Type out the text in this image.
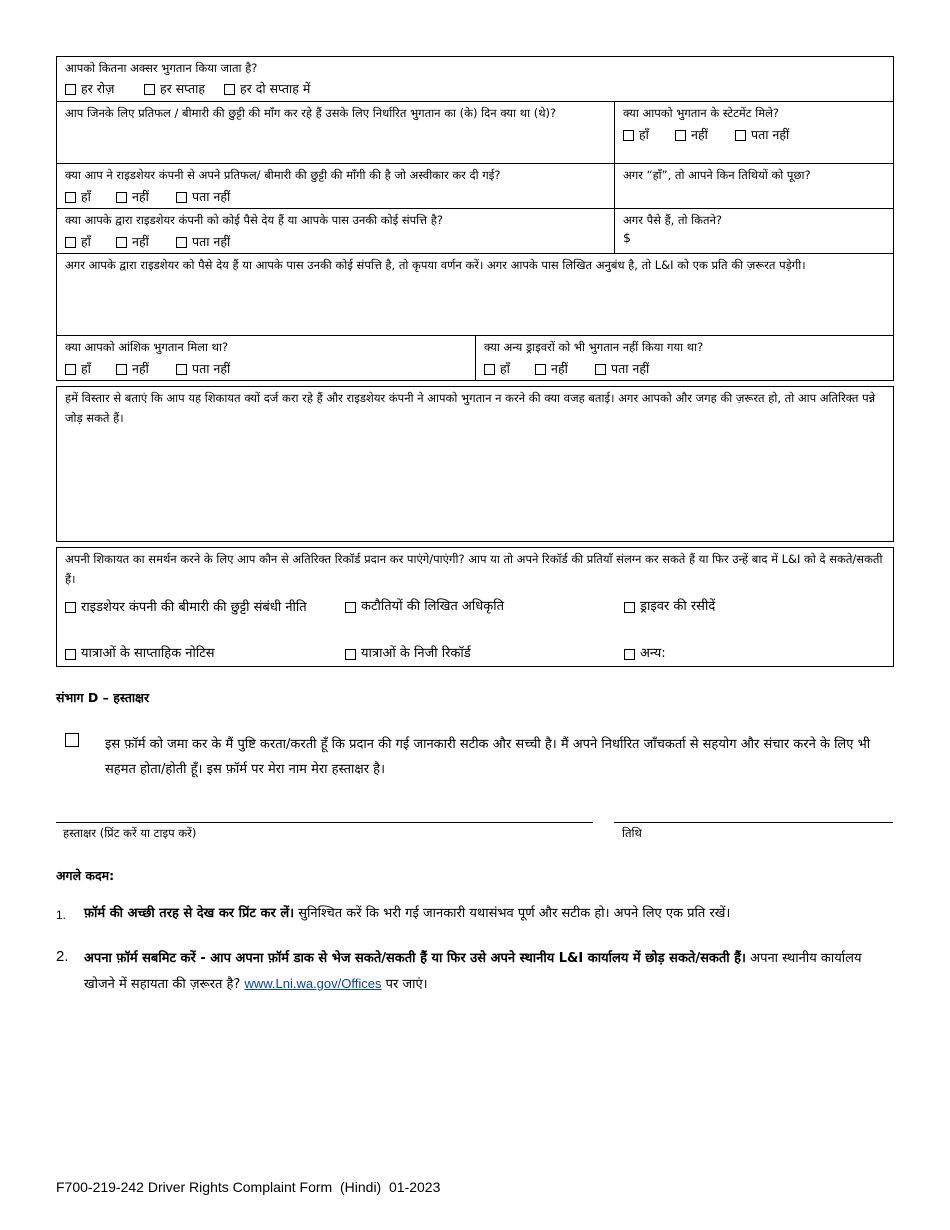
आपको कितना अक्सर भुगतान किया जाता है?
हर रोज़	हर सप्ताह	हर दो सप्ताह में
आप जिनके लिए प्रतिफल / बीमारी की छुट्टी की माँग कर रहे हैं उसके लिए निर्धारित भुगतान का (के) दिन क्या था (थे)?	क्या आपको भुगतान के स्टेटमेंट मिले?
हाँ	नहीं	पता नहीं
क्या आप ने राइडशेयर कंपनी से अपने प्रतिफल/ बीमारी की छुट्टी की माँगी की है जो अस्वीकार कर दी गई?
हाँ	नहीं	पता नहीं
अगर “हाँ”, तो आपने किन तिथियों को पूछा?
क्या आपके द्वारा राइडशेयर कंपनी को कोई पैसे देय हैं या आपके पास उनकी कोई संपत्ति है?
हाँ	नहीं	पता नहीं
अगर पैसे हैं, तो कितने?
$
अगर आपके द्वारा राइडशेयर को पैसे देय हैं या आपके पास उनकी कोई संपत्ति है, तो कृपया वर्णन करें। अगर आपके पास लिखित अनुबंध है, तो L&I को एक प्रति की ज़रूरत पड़ेगी।
क्या आपको आंशिक भुगतान मिला था?
हाँ	नहीं	पता नहीं
क्या अन्य ड्राइवरों को भी भुगतान नहीं किया गया था?
हाँ	नहीं	पता नहीं
हमें विस्तार से बताएं कि आप यह शिकायत क्यों दर्ज करा रहे हैं और राइडशेयर कंपनी ने आपको भुगतान न करने की क्या वजह बताई। अगर आपको और जगह की ज़रूरत हो, तो आप अतिरिक्त पन्ने जोड़ सकते हैं।
अपनी शिकायत का समर्थन करने के लिए आप कौन से अतिरिक्त रिकॉर्ड प्रदान कर पाएंगे/पाएंगी? आप या तो अपने रिकॉर्ड की प्रतियाँ संलग्न कर सकते हैं या फिर उन्हें बाद में L&I को दे सकते/सकती हैं।
राइडशेयर कंपनी की बीमारी की छुट्टी संबंधी नीति	कटौतियों की लिखित अधिकृति	ड्राइवर की रसीदें
यात्राओं के साप्ताहिक नोटिस	यात्राओं के निजी रिकॉर्ड	अन्य:
संभाग D – हस्ताक्षर
इस फ़ॉर्म को जमा कर के मैं पुष्टि करता/करती हूँ कि प्रदान की गई जानकारी सटीक और सच्ची है। मैं अपने निर्धारित जाँचकर्ता से सहयोग और संचार करने के लिए भी सहमत होता/होती हूँ। इस फ़ॉर्म पर मेरा नाम मेरा हस्ताक्षर है।
हस्ताक्षर (प्रिंट करें या टाइप करें)	तिथि
अगले कदम:
1. फ़ॉर्म की अच्छी तरह से देख कर प्रिंट कर लें। सुनिश्चित करें कि भरी गई जानकारी यथासंभव पूर्ण और सटीक हो। अपने लिए एक प्रति रखें।
2. अपना फ़ॉर्म सबमिट करें - आप अपना फ़ॉर्म डाक से भेज सकते/सकती हैं या फिर उसे अपने स्थानीय L&I कार्यालय में छोड़ सकते/सकती हैं। अपना स्थानीय कार्यालय खोजने में सहायता की ज़रूरत है? www.Lni.wa.gov/Offices पर जाएं।
F700-219-242 Driver Rights Complaint Form  (Hindi)  01-2023
